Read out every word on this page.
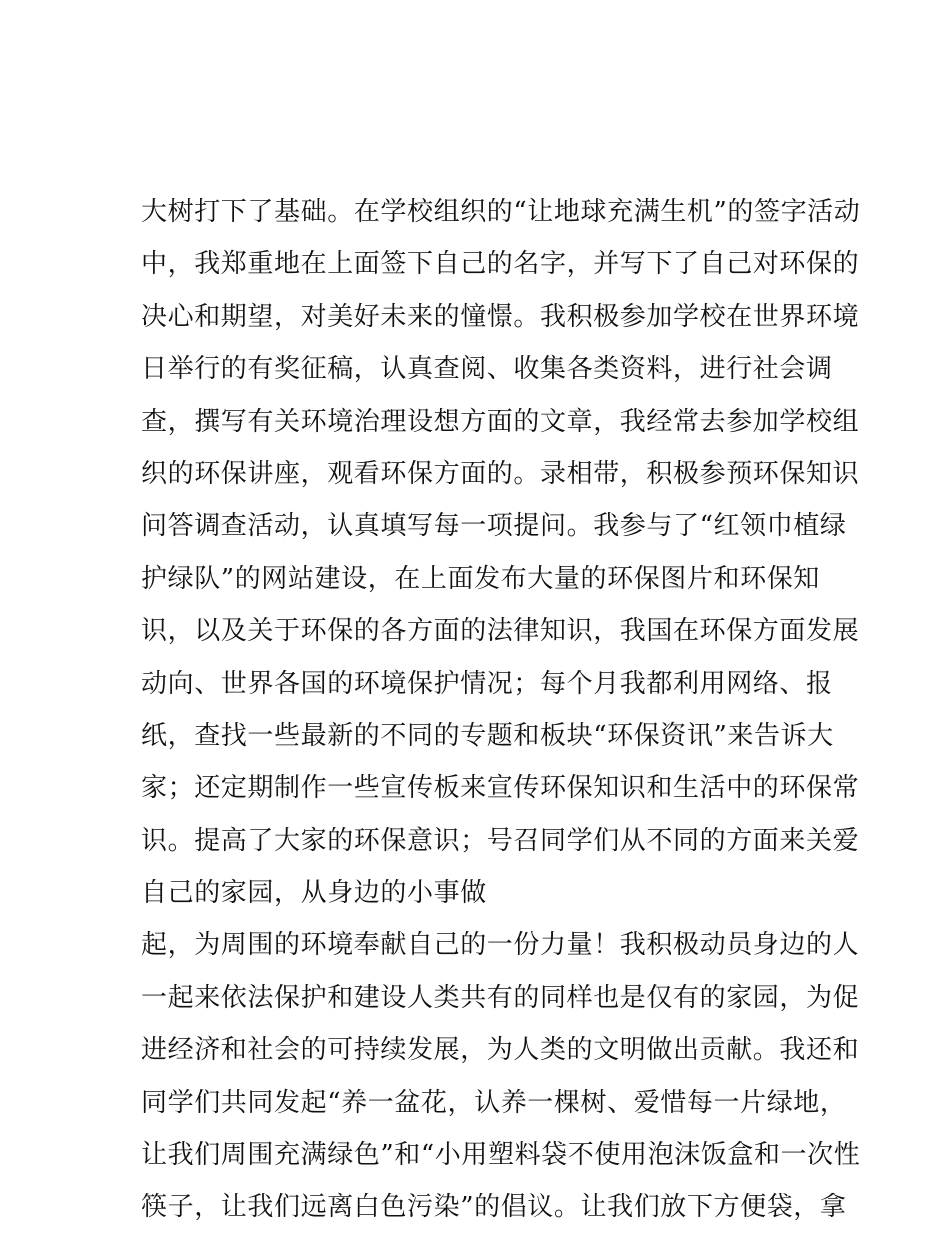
大树打下了基础。在学校组织的“让地球充满生机”的签字活动
中，我郑重地在上面签下自己的名字，并写下了自己对环保的
决心和期望，对美好未来的憧憬。我积极参加学校在世界环境
日举行的有奖征稿，认真查阅、收集各类资料，进行社会调
查，撰写有关环境治理设想方面的文章，我经常去参加学校组
织的环保讲座，观看环保方面的。录相带，积极参预环保知识
问答调查活动，认真填写每一项提问。我参与了“红领巾植绿
护绿队”的网站建设，在上面发布大量的环保图片和环保知
识，以及关于环保的各方面的法律知识，我国在环保方面发展
动向、世界各国的环境保护情况；每个月我都利用网络、报
纸，查找一些最新的不同的专题和板块“环保资讯”来告诉大
家；还定期制作一些宣传板来宣传环保知识和生活中的环保常
识。提高了大家的环保意识；号召同学们从不同的方面来关爱
自己的家园，从身边的小事做
起，为周围的环境奉献自己的一份力量！我积极动员身边的人
一起来依法保护和建设人类共有的同样也是仅有的家园，为促
进经济和社会的可持续发展，为人类的文明做出贡献。我还和
同学们共同发起“养一盆花，认养一棵树、爱惜每一片绿地，
让我们周围充满绿色”和“小用塑料袋不使用泡沫饭盒和一次性
筷子，让我们远离白色污染”的倡议。让我们放下方便袋，拿
